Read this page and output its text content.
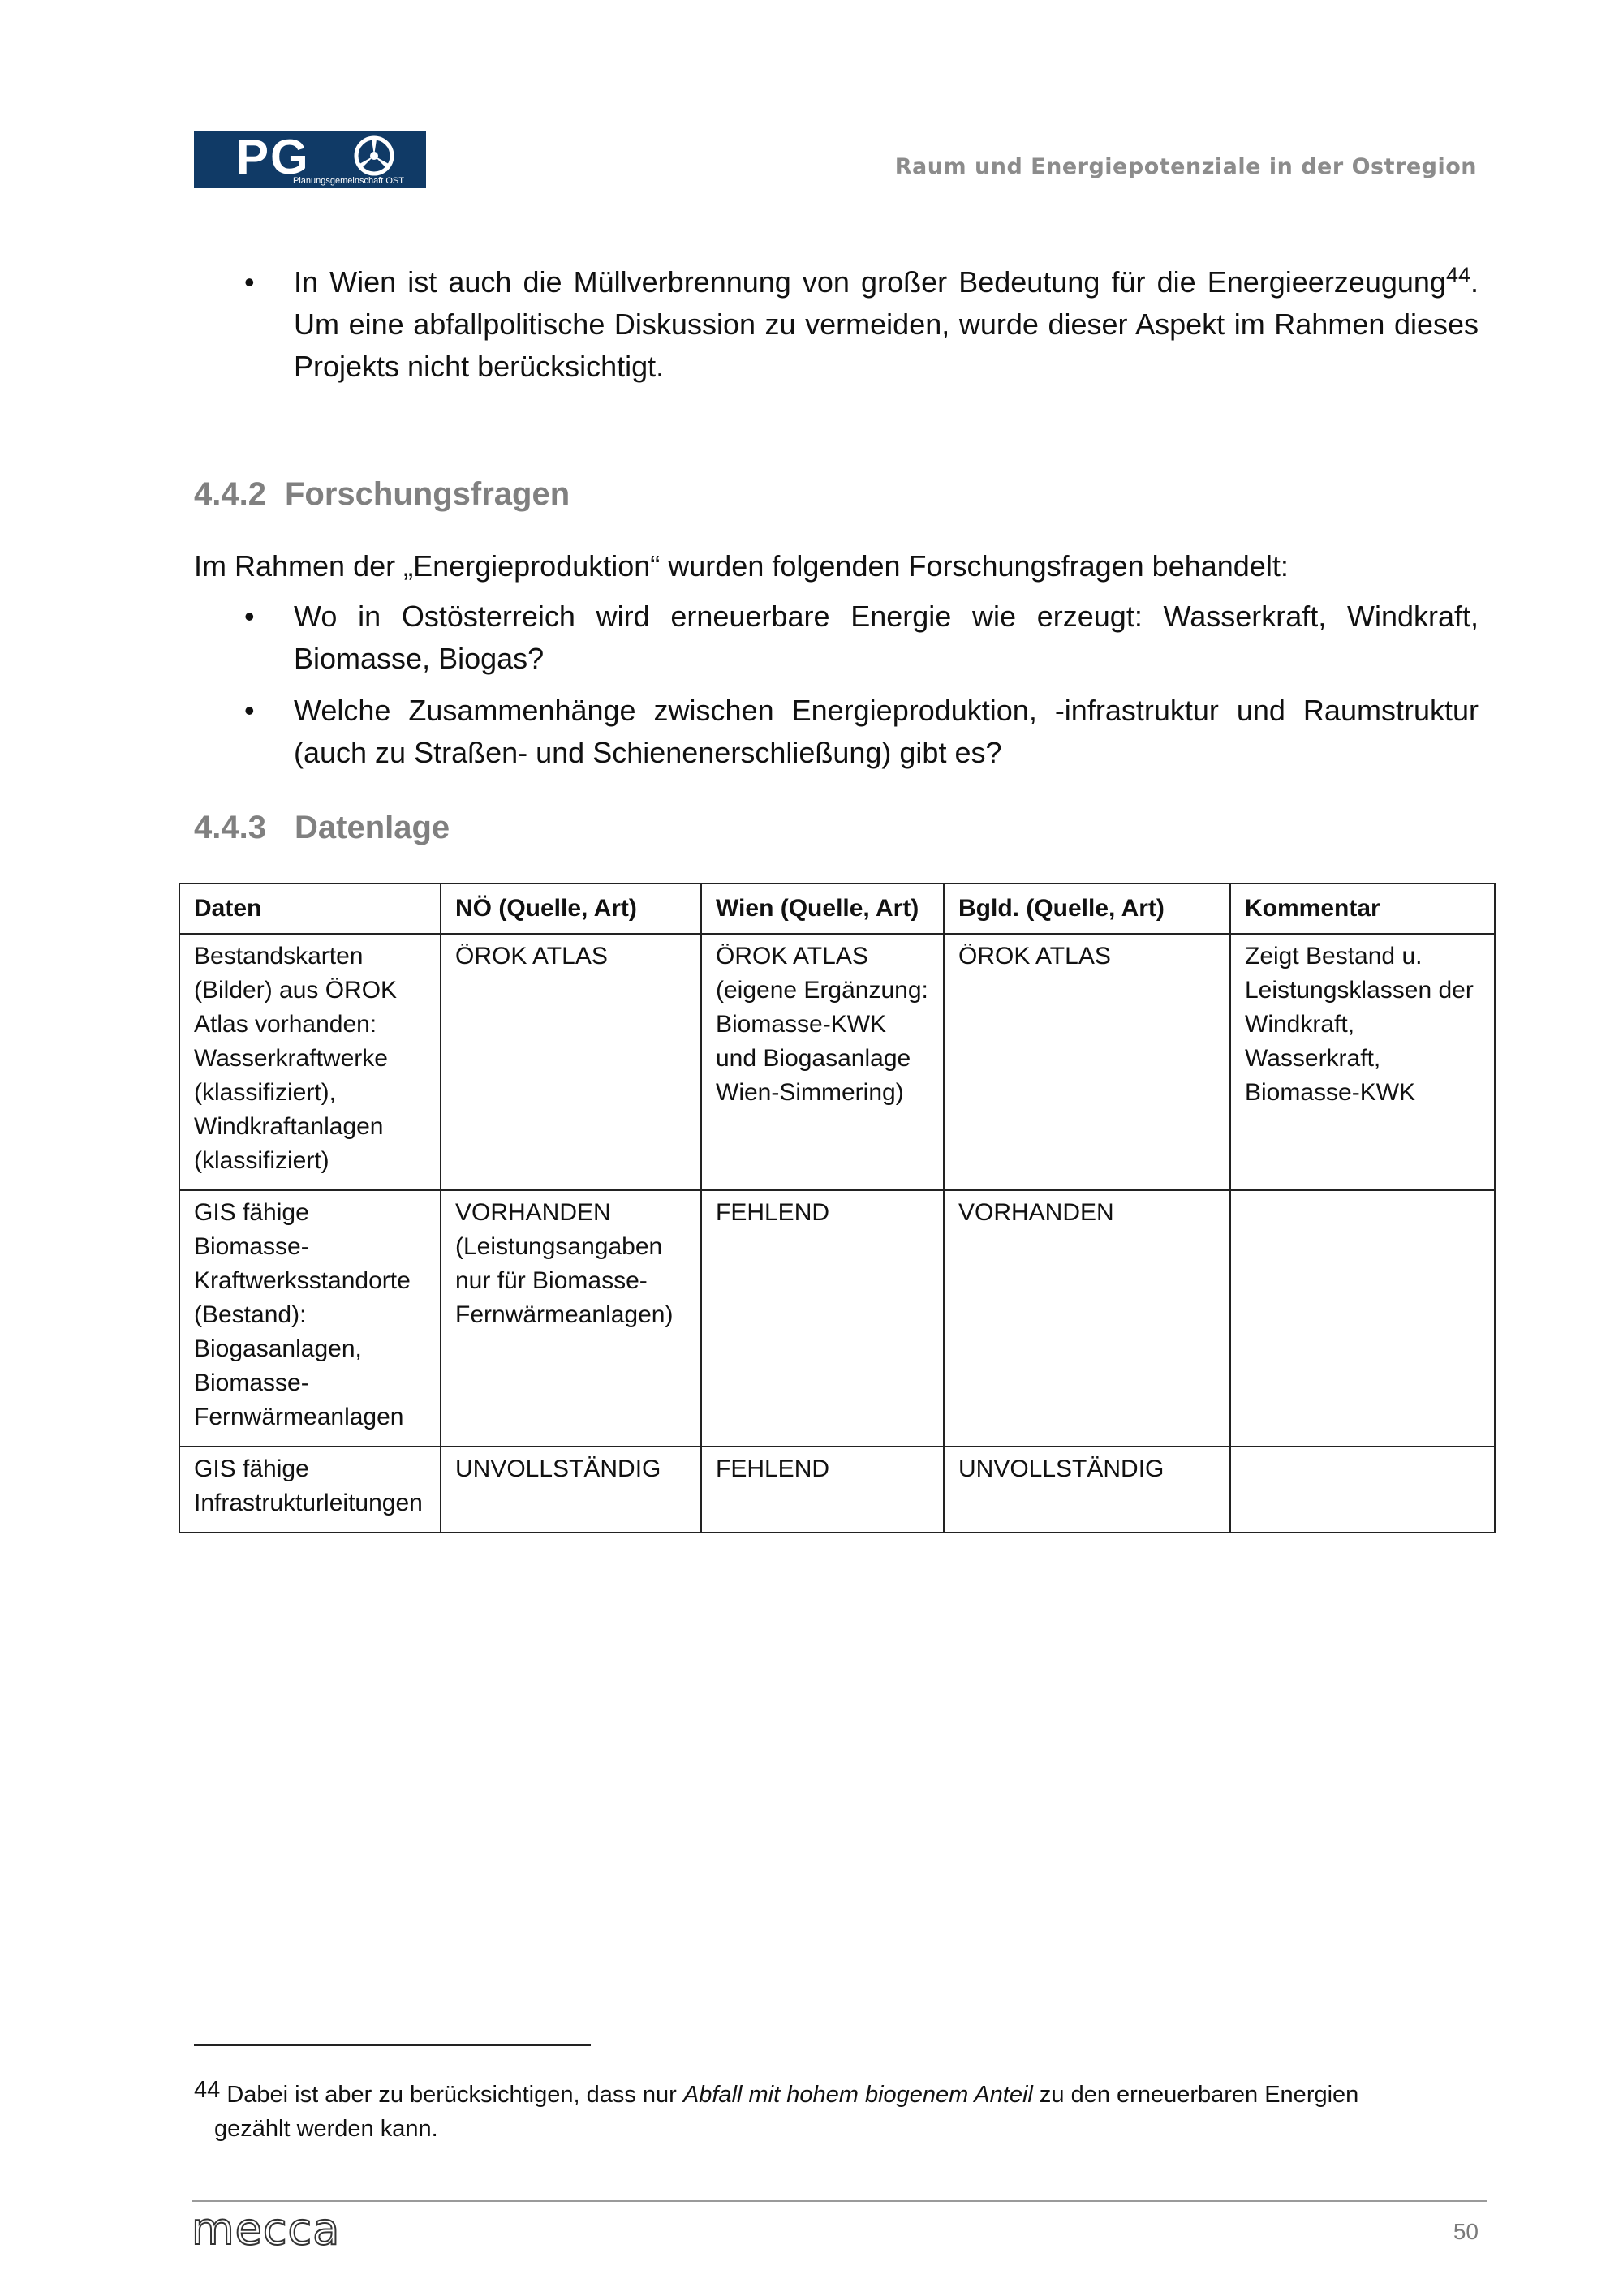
PG
Planungsgemeinschaft OST
Raum und Energiepotenziale in der Ostregion
• In Wien ist auch die Müllverbrennung von großer Bedeutung für die Energieerzeugung$^{44}$. Um eine abfallpolitische Diskussion zu vermeiden, wurde dieser Aspekt im Rahmen dieses Projekts nicht berücksichtigt.

4.4.2 Forschungsfragen

Im Rahmen der „Energieproduktion“ wurden folgenden Forschungsfragen behandelt:

• Wo in Ostösterreich wird erneuerbare Energie wie erzeugt: Wasserkraft, Windkraft, Biomasse, Biogas?

• Welche Zusammenhänge zwischen Energieproduktion, -infrastruktur und Raumstruktur (auch zu Straßen- und Schienenerschließung) gibt es?

4.4.3 Datenlage
Daten	NÖ (Quelle, Art)	Wien (Quelle, Art)	Bgld. (Quelle, Art)	Kommentar
Bestandskarten (Bilder) aus ÖROK Atlas vorhanden: Wasserkraftwerke (klassifiziert), Windkraftanlagen (klassifiziert)	ÖROK ATLAS	ÖROK ATLAS (eigene Ergänzung: Biomasse-KWK und Biogasanlage Wien-Simmering)	ÖROK ATLAS	Zeigt Bestand u. Leistungsklassen der Windkraft, Wasserkraft, Biomasse-KWK
GIS fähige Biomasse-Kraftwerksstandorte (Bestand): Biogasanlagen, Biomasse-Fernwärmeanlagen	VORHANDEN (Leistungsangaben nur für Biomasse-Fernwärmeanlagen)	FEHLEND	VORHANDEN	
GIS fähige Infrastrukturleitungen	UNVOLLSTÄNDIG	FEHLEND	UNVOLLSTÄNDIG	
44 Dabei ist aber zu berücksichtigen, dass nur Abfall mit hohem biogenem Anteil zu den erneuerbaren Energien
gezählt werden kann.
mecca	50
